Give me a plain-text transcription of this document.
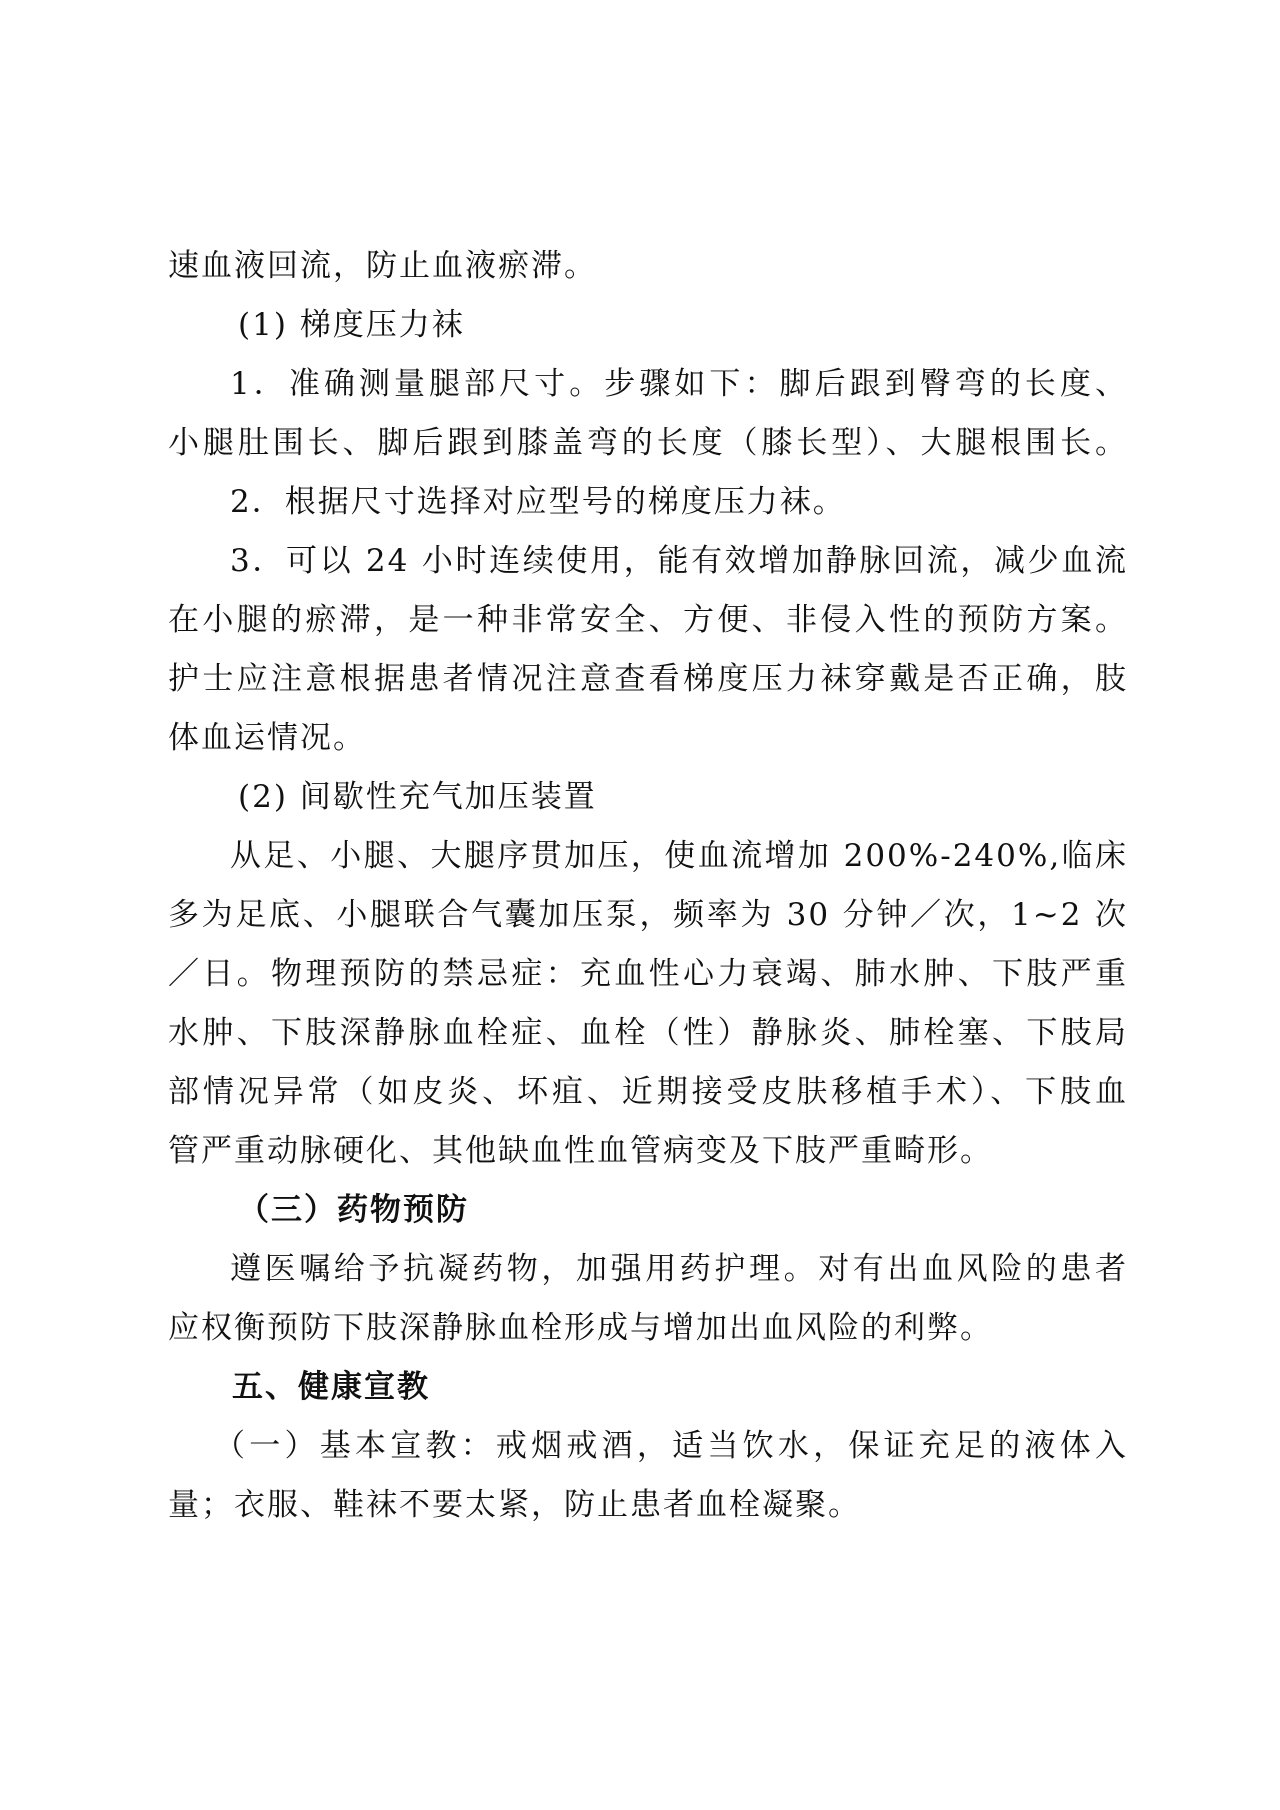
速血液回流，防止血液瘀滞。
(1) 梯度压力袜
1．准确测量腿部尺寸。步骤如下：脚后跟到臀弯的长度、
小腿肚围长、脚后跟到膝盖弯的长度（膝长型）、大腿根围长。
2．根据尺寸选择对应型号的梯度压力袜。
3．可以 24 小时连续使用，能有效增加静脉回流，减少血流
在小腿的瘀滞，是一种非常安全、方便、非侵入性的预防方案。
护士应注意根据患者情况注意查看梯度压力袜穿戴是否正确，肢
体血运情况。
(2) 间歇性充气加压装置
从足、小腿、大腿序贯加压，使血流增加 200%-240%,临床
多为足底、小腿联合气囊加压泵，频率为 30 分钟／次，1~2 次
／日。物理预防的禁忌症：充血性心力衰竭、肺水肿、下肢严重
水肿、下肢深静脉血栓症、血栓（性）静脉炎、肺栓塞、下肢局
部情况异常（如皮炎、坏疽、近期接受皮肤移植手术）、下肢血
管严重动脉硬化、其他缺血性血管病变及下肢严重畸形。
（三）药物预防
遵医嘱给予抗凝药物，加强用药护理。对有出血风险的患者
应权衡预防下肢深静脉血栓形成与增加出血风险的利弊。
五、健康宣教
（一）基本宣教：戒烟戒酒，适当饮水，保证充足的液体入
量；衣服、鞋袜不要太紧，防止患者血栓凝聚。
